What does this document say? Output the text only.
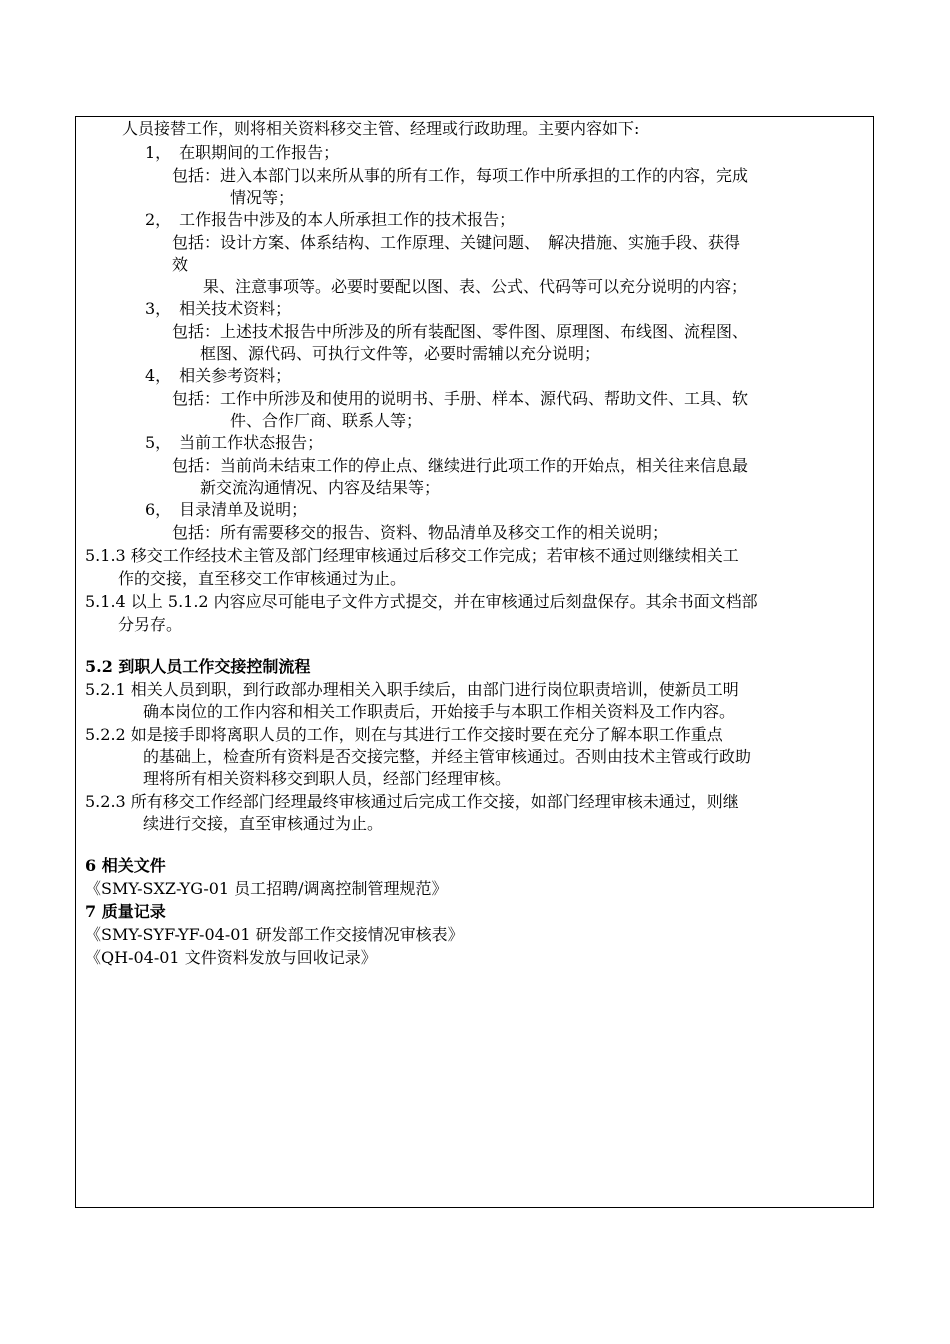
人员接替工作，则将相关资料移交主管、经理或行政助理。主要内容如下:
1，　在职期间的工作报告；
包括：进入本部门以来所从事的所有工作，每项工作中所承担的工作的内容，完成
情况等；
2，　工作报告中涉及的本人所承担工作的技术报告；
包括：设计方案、体系结构、工作原理、关键问题、　解决措施、实施手段、获得
效
果、注意事项等。必要时要配以图、表、公式、代码等可以充分说明的内容；
3，　相关技术资料；
包括：上述技术报告中所涉及的所有装配图、零件图、原理图、布线图、流程图、
框图、源代码、可执行文件等，必要时需辅以充分说明；
4，　相关参考资料；
包括：工作中所涉及和使用的说明书、手册、样本、源代码、帮助文件、工具、软
件、合作厂商、联系人等；
5，　当前工作状态报告；
包括：当前尚未结束工作的停止点、继续进行此项工作的开始点，相关往来信息最
新交流沟通情况、内容及结果等；
6，　目录清单及说明；
包括：所有需要移交的报告、资料、物品清单及移交工作的相关说明；
5.1.3 移交工作经技术主管及部门经理审核通过后移交工作完成；若审核不通过则继续相关工
作的交接，直至移交工作审核通过为止。
5.1.4 以上 5.1.2 内容应尽可能电子文件方式提交，并在审核通过后刻盘保存。其余书面文档部
分另存。
5.2 到职人员工作交接控制流程
5.2.1 相关人员到职，到行政部办理相关入职手续后，由部门进行岗位职责培训，使新员工明
确本岗位的工作内容和相关工作职责后，开始接手与本职工作相关资料及工作内容。
5.2.2 如是接手即将离职人员的工作，则在与其进行工作交接时要在充分了解本职工作重点
的基础上，检查所有资料是否交接完整，并经主管审核通过。否则由技术主管或行政助
理将所有相关资料移交到职人员，经部门经理审核。
5.2.3 所有移交工作经部门经理最终审核通过后完成工作交接，如部门经理审核未通过，则继
续进行交接，直至审核通过为止。
6 相关文件
《SMY-SXZ-YG-01 员工招聘/调离控制管理规范》
7 质量记录
《SMY-SYF-YF-04-01 研发部工作交接情况审核表》
《QH-04-01 文件资料发放与回收记录》
